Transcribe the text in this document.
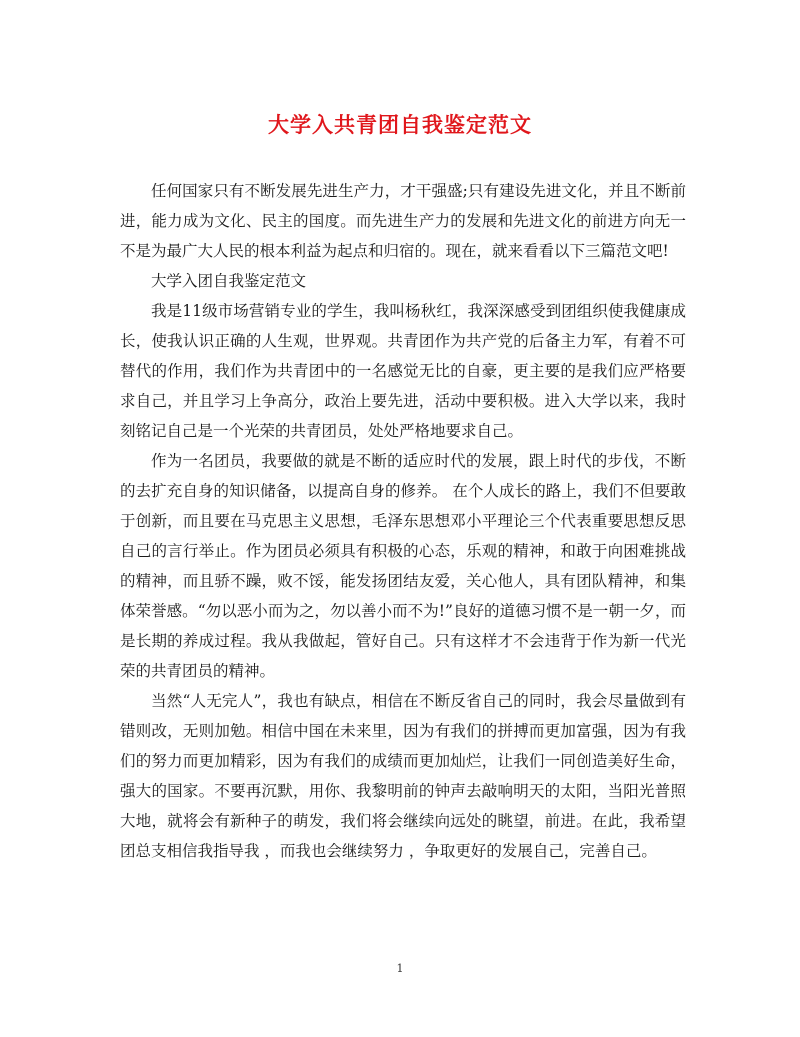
大学入共青团自我鉴定范文

任何国家只有不断发展先进生产力，才干强盛;只有建设先进文化，并且不断前进，能力成为文化、民主的国度。而先进生产力的发展和先进文化的前进方向无一不是为最广大人民的根本利益为起点和归宿的。现在，就来看看以下三篇范文吧!

大学入团自我鉴定范文

我是11级市场营销专业的学生，我叫杨秋红，我深深感受到团组织使我健康成长，使我认识正确的人生观，世界观。共青团作为共产党的后备主力军，有着不可替代的作用，我们作为共青团中的一名感觉无比的自豪，更主要的是我们应严格要求自己，并且学习上争高分，政治上要先进，活动中要积极。进入大学以来，我时刻铭记自己是一个光荣的共青团员，处处严格地要求自己。

作为一名团员，我要做的就是不断的适应时代的发展，跟上时代的步伐，不断的去扩充自身的知识储备，以提高自身的修养。 在个人成长的路上，我们不但要敢于创新，而且要在马克思主义思想，毛泽东思想邓小平理论三个代表重要思想反思自己的言行举止。作为团员必须具有积极的心态，乐观的精神，和敢于向困难挑战的精神，而且骄不躁，败不馁，能发扬团结友爱，关心他人，具有团队精神，和集体荣誉感。“勿以恶小而为之，勿以善小而不为!”良好的道德习惯不是一朝一夕，而是长期的养成过程。我从我做起，管好自己。只有这样才不会违背于作为新一代光荣的共青团员的精神。

当然“人无完人”，我也有缺点，相信在不断反省自己的同时，我会尽量做到有错则改，无则加勉。相信中国在未来里，因为有我们的拼搏而更加富强，因为有我们的努力而更加精彩，因为有我们的成绩而更加灿烂，让我们一同创造美好生命，强大的国家。不要再沉默，用你、我黎明前的钟声去敲响明天的太阳，当阳光普照大地，就将会有新种子的萌发，我们将会继续向远处的眺望，前进。在此，我希望团总支相信我指导我 ，而我也会继续努力 ，争取更好的发展自己，完善自己。

1
